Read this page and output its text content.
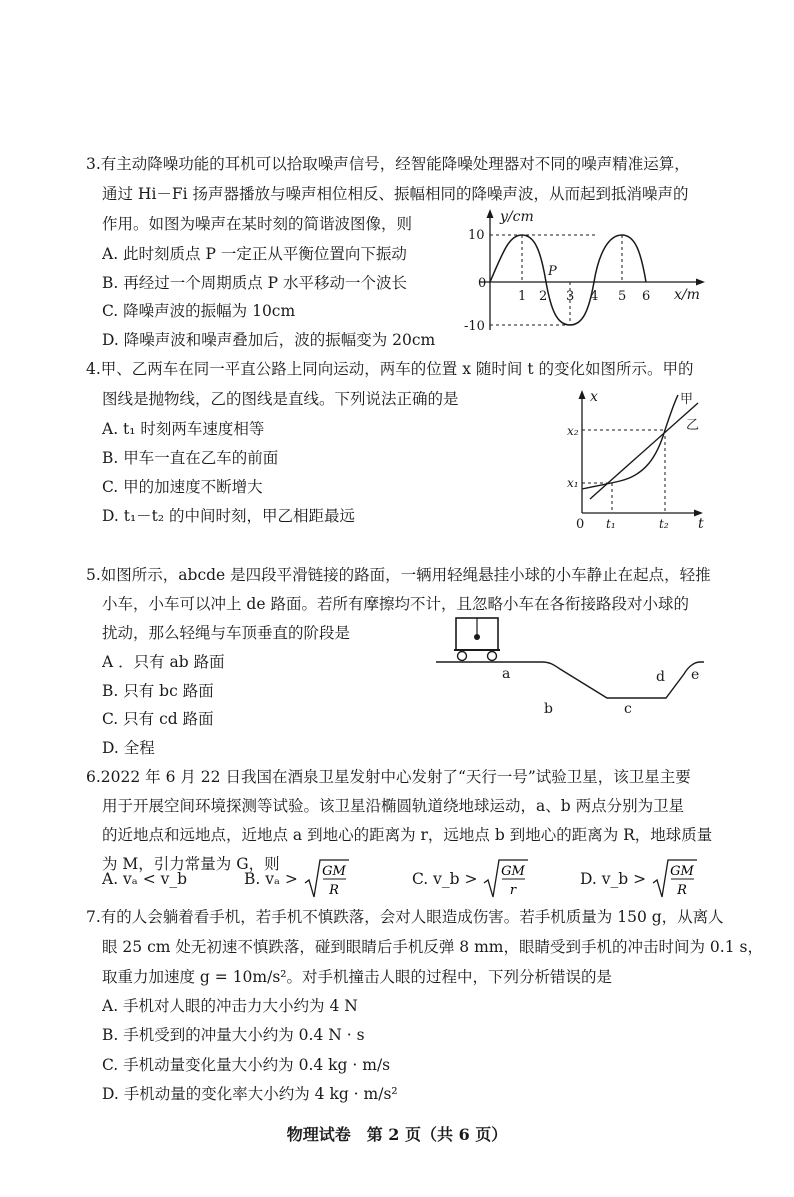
3.有主动降噪功能的耳机可以拾取噪声信号，经智能降噪处理器对不同的噪声精准运算，
通过 Hi－Fi 扬声器播放与噪声相位相反、振幅相同的降噪声波，从而起到抵消噪声的
作用。如图为噪声在某时刻的简谐波图像，则
A. 此时刻质点 P 一定正从平衡位置向下振动
B. 再经过一个周期质点 P 水平移动一个波长
C. 降噪声波的振幅为 10cm
D. 降噪声波和噪声叠加后，波的振幅变为 20cm
y/cm
10
0
-10
1 2 3 4 5 6
P
x/m
4.甲、乙两车在同一平直公路上同向运动，两车的位置 x 随时间 t 的变化如图所示。甲的
图线是抛物线，乙的图线是直线。下列说法正确的是
A. t₁ 时刻两车速度相等
B. 甲车一直在乙车的前面
C. 甲的加速度不断增大
D. t₁－t₂ 的中间时刻，甲乙相距最远
x
x₂
x₁
0 t₁	t₂ t
甲
乙
5.如图所示，abcde 是四段平滑链接的路面，一辆用轻绳悬挂小球的小车静止在起点，轻推
小车，小车可以冲上 de 路面。若所有摩擦均不计，且忽略小车在各衔接路段对小球的
扰动，那么轻绳与车顶垂直的阶段是
A ．只有 ab 路面
B. 只有 bc 路面
C. 只有 cd 路面
D. 全程
a
b	c
d e
6.2022 年 6 月 22 日我国在酒泉卫星发射中心发射了“天行一号”试验卫星，该卫星主要
用于开展空间环境探测等试验。该卫星沿椭圆轨道绕地球运动，a、b 两点分别为卫星
的近地点和远地点，近地点 a 到地心的距离为 r，远地点 b 到地心的距离为 R，地球质量
为 M，引力常量为 G，则
A. vₐ < v_b	B. vₐ > GM
R
C. v_b > GM
r
D. v_b > GM
R
7.有的人会躺着看手机，若手机不慎跌落，会对人眼造成伤害。若手机质量为 150 g，从离人
眼 25 cm 处无初速不慎跌落，碰到眼睛后手机反弹 8 mm，眼睛受到手机的冲击时间为 0.1 s，
取重力加速度 g = 10m/s²。对手机撞击人眼的过程中，下列分析错误的是
A. 手机对人眼的冲击力大小约为 4 N
B. 手机受到的冲量大小约为 0.4 N · s
C. 手机动量变化量大小约为 0.4 kg · m/s
D. 手机动量的变化率大小约为 4 kg · m/s²
物理试卷　第 2 页（共 6 页）
